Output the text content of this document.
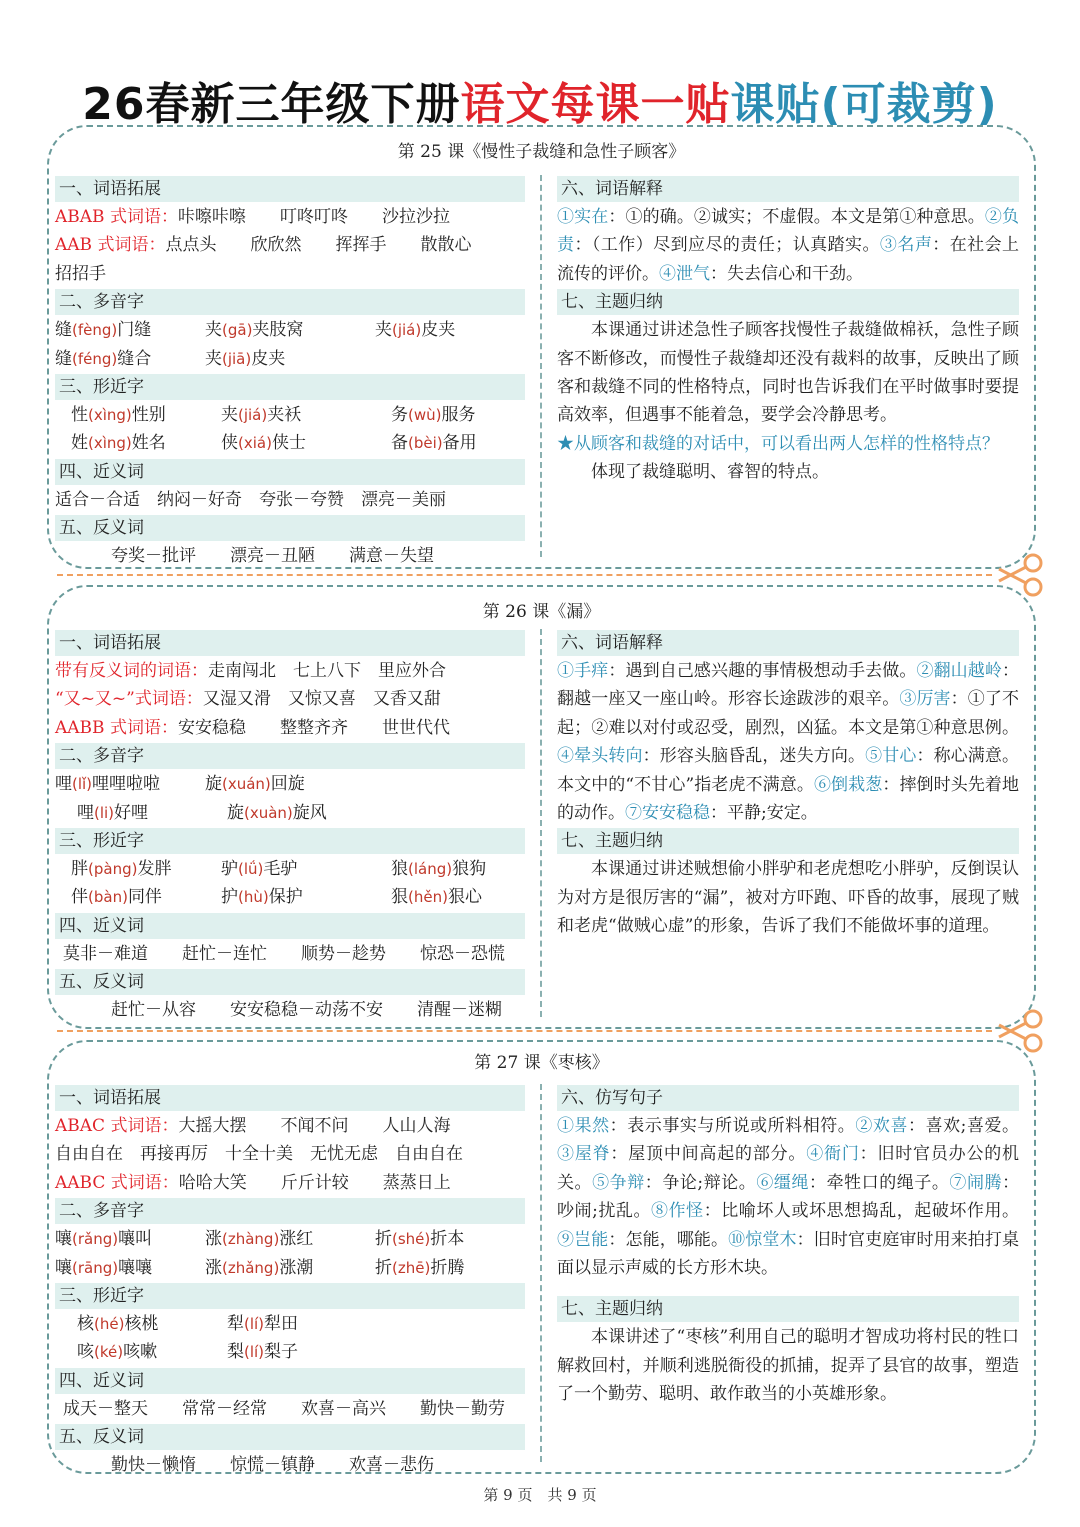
26春新三年级下册语文每课一贴课贴(可裁剪)
第 25 课《慢性子裁缝和急性子顾客》
一、词语拓展
ABAB 式词语：咔嚓咔嚓　　叮咚叮咚　　沙拉沙拉
AAB 式词语：点点头　　欣欣然　　挥挥手　　散散心
招招手
二、多音字
缝(fèng)门缝	夹(gā)夹肢窝	夹(jiá)皮夹
缝(féng)缝合	夹(jiā)皮夹
三、形近字
性(xìng)性别	夹(jiá)夹袄	务(wù)服务
姓(xìng)姓名	侠(xiá)侠士	备(bèi)备用
四、近义词
适合－合适　纳闷－好奇　夸张－夸赞　漂亮－美丽
五、反义词
夸奖－批评　　漂亮－丑陋　　满意－失望
六、词语解释
①实在：①的确。②诚实；不虚假。本文是第①种意思。②负责：（工作）尽到应尽的责任；认真踏实。③名声：在社会上流传的评价。④泄气：失去信心和干劲。
七、主题归纳

本课通过讲述急性子顾客找慢性子裁缝做棉袄，急性子顾客不断修改，而慢性子裁缝却还没有裁料的故事，反映出了顾客和裁缝不同的性格特点，同时也告诉我们在平时做事时要提高效率，但遇事不能着急，要学会冷静思考。

★从顾客和裁缝的对话中，可以看出两人怎样的性格特点？

体现了裁缝聪明、睿智的特点。

第 26 课《漏》
一、词语拓展
带有反义词的词语：走南闯北　七上八下　里应外合
“又~又~”式词语：又湿又滑　又惊又喜　又香又甜
AABB 式词语：安安稳稳　　整整齐齐　　世世代代
二、多音字
哩(lǐ)哩哩啦啦	旋(xuán)回旋
哩(li)好哩	旋(xuàn)旋风
三、形近字
胖(pàng)发胖	驴(lǘ)毛驴	狼(láng)狼狗
伴(bàn)同伴	护(hù)保护	狠(hěn)狠心
四、近义词
莫非－难道　　赶忙－连忙　　顺势－趁势　　惊恐－恐慌
五、反义词
赶忙－从容　　安安稳稳－动荡不安　　清醒－迷糊
六、词语解释
①手痒：遇到自己感兴趣的事情极想动手去做。②翻山越岭：翻越一座又一座山岭。形容长途跋涉的艰辛。③厉害：①了不起；②难以对付或忍受，剧烈，凶猛。本文是第①种意思例。④晕头转向：形容头脑昏乱，迷失方向。⑤甘心：称心满意。本文中的“不甘心”指老虎不满意。⑥倒栽葱：摔倒时头先着地的动作。⑦安安稳稳：平静;安定。
七、主题归纳

本课通过讲述贼想偷小胖驴和老虎想吃小胖驴，反倒误认为对方是很厉害的“漏”，被对方吓跑、吓昏的故事，展现了贼和老虎“做贼心虚”的形象，告诉了我们不能做坏事的道理。

第 27 课《枣核》
一、词语拓展
ABAC 式词语：大摇大摆　　不闻不问　　人山人海
自由自在　再接再厉　十全十美　无忧无虑　自由自在
AABC 式词语：哈哈大笑　　斤斤计较　　蒸蒸日上
二、多音字
嚷(rǎng)嚷叫	涨(zhàng)涨红	折(shé)折本
嚷(rāng)嚷嚷	涨(zhǎng)涨潮	折(zhē)折腾
三、形近字
核(hé)核桃	犁(lí)犁田
咳(ké)咳嗽	梨(lí)梨子
四、近义词
成天－整天　　常常－经常　　欢喜－高兴　　勤快－勤劳
五、反义词
勤快－懒惰　　惊慌－镇静　　欢喜－悲伤
六、仿写句子
①果然：表示事实与所说或所料相符。②欢喜：喜欢;喜爱。③屋脊：屋顶中间高起的部分。④衙门：旧时官员办公的机关。⑤争辩：争论;辩论。⑥缰绳：牵牲口的绳子。⑦闹腾：吵闹;扰乱。⑧作怪：比喻坏人或坏思想捣乱，起破坏作用。⑨岂能：怎能，哪能。⑩惊堂木：旧时官吏庭审时用来拍打桌面以显示声威的长方形木块。
七、主题归纳

本课讲述了“枣核”利用自己的聪明才智成功将村民的牲口解救回村，并顺利逃脱衙役的抓捕，捉弄了县官的故事，塑造了一个勤劳、聪明、敢作敢当的小英雄形象。

第 9 页　共 9 页
